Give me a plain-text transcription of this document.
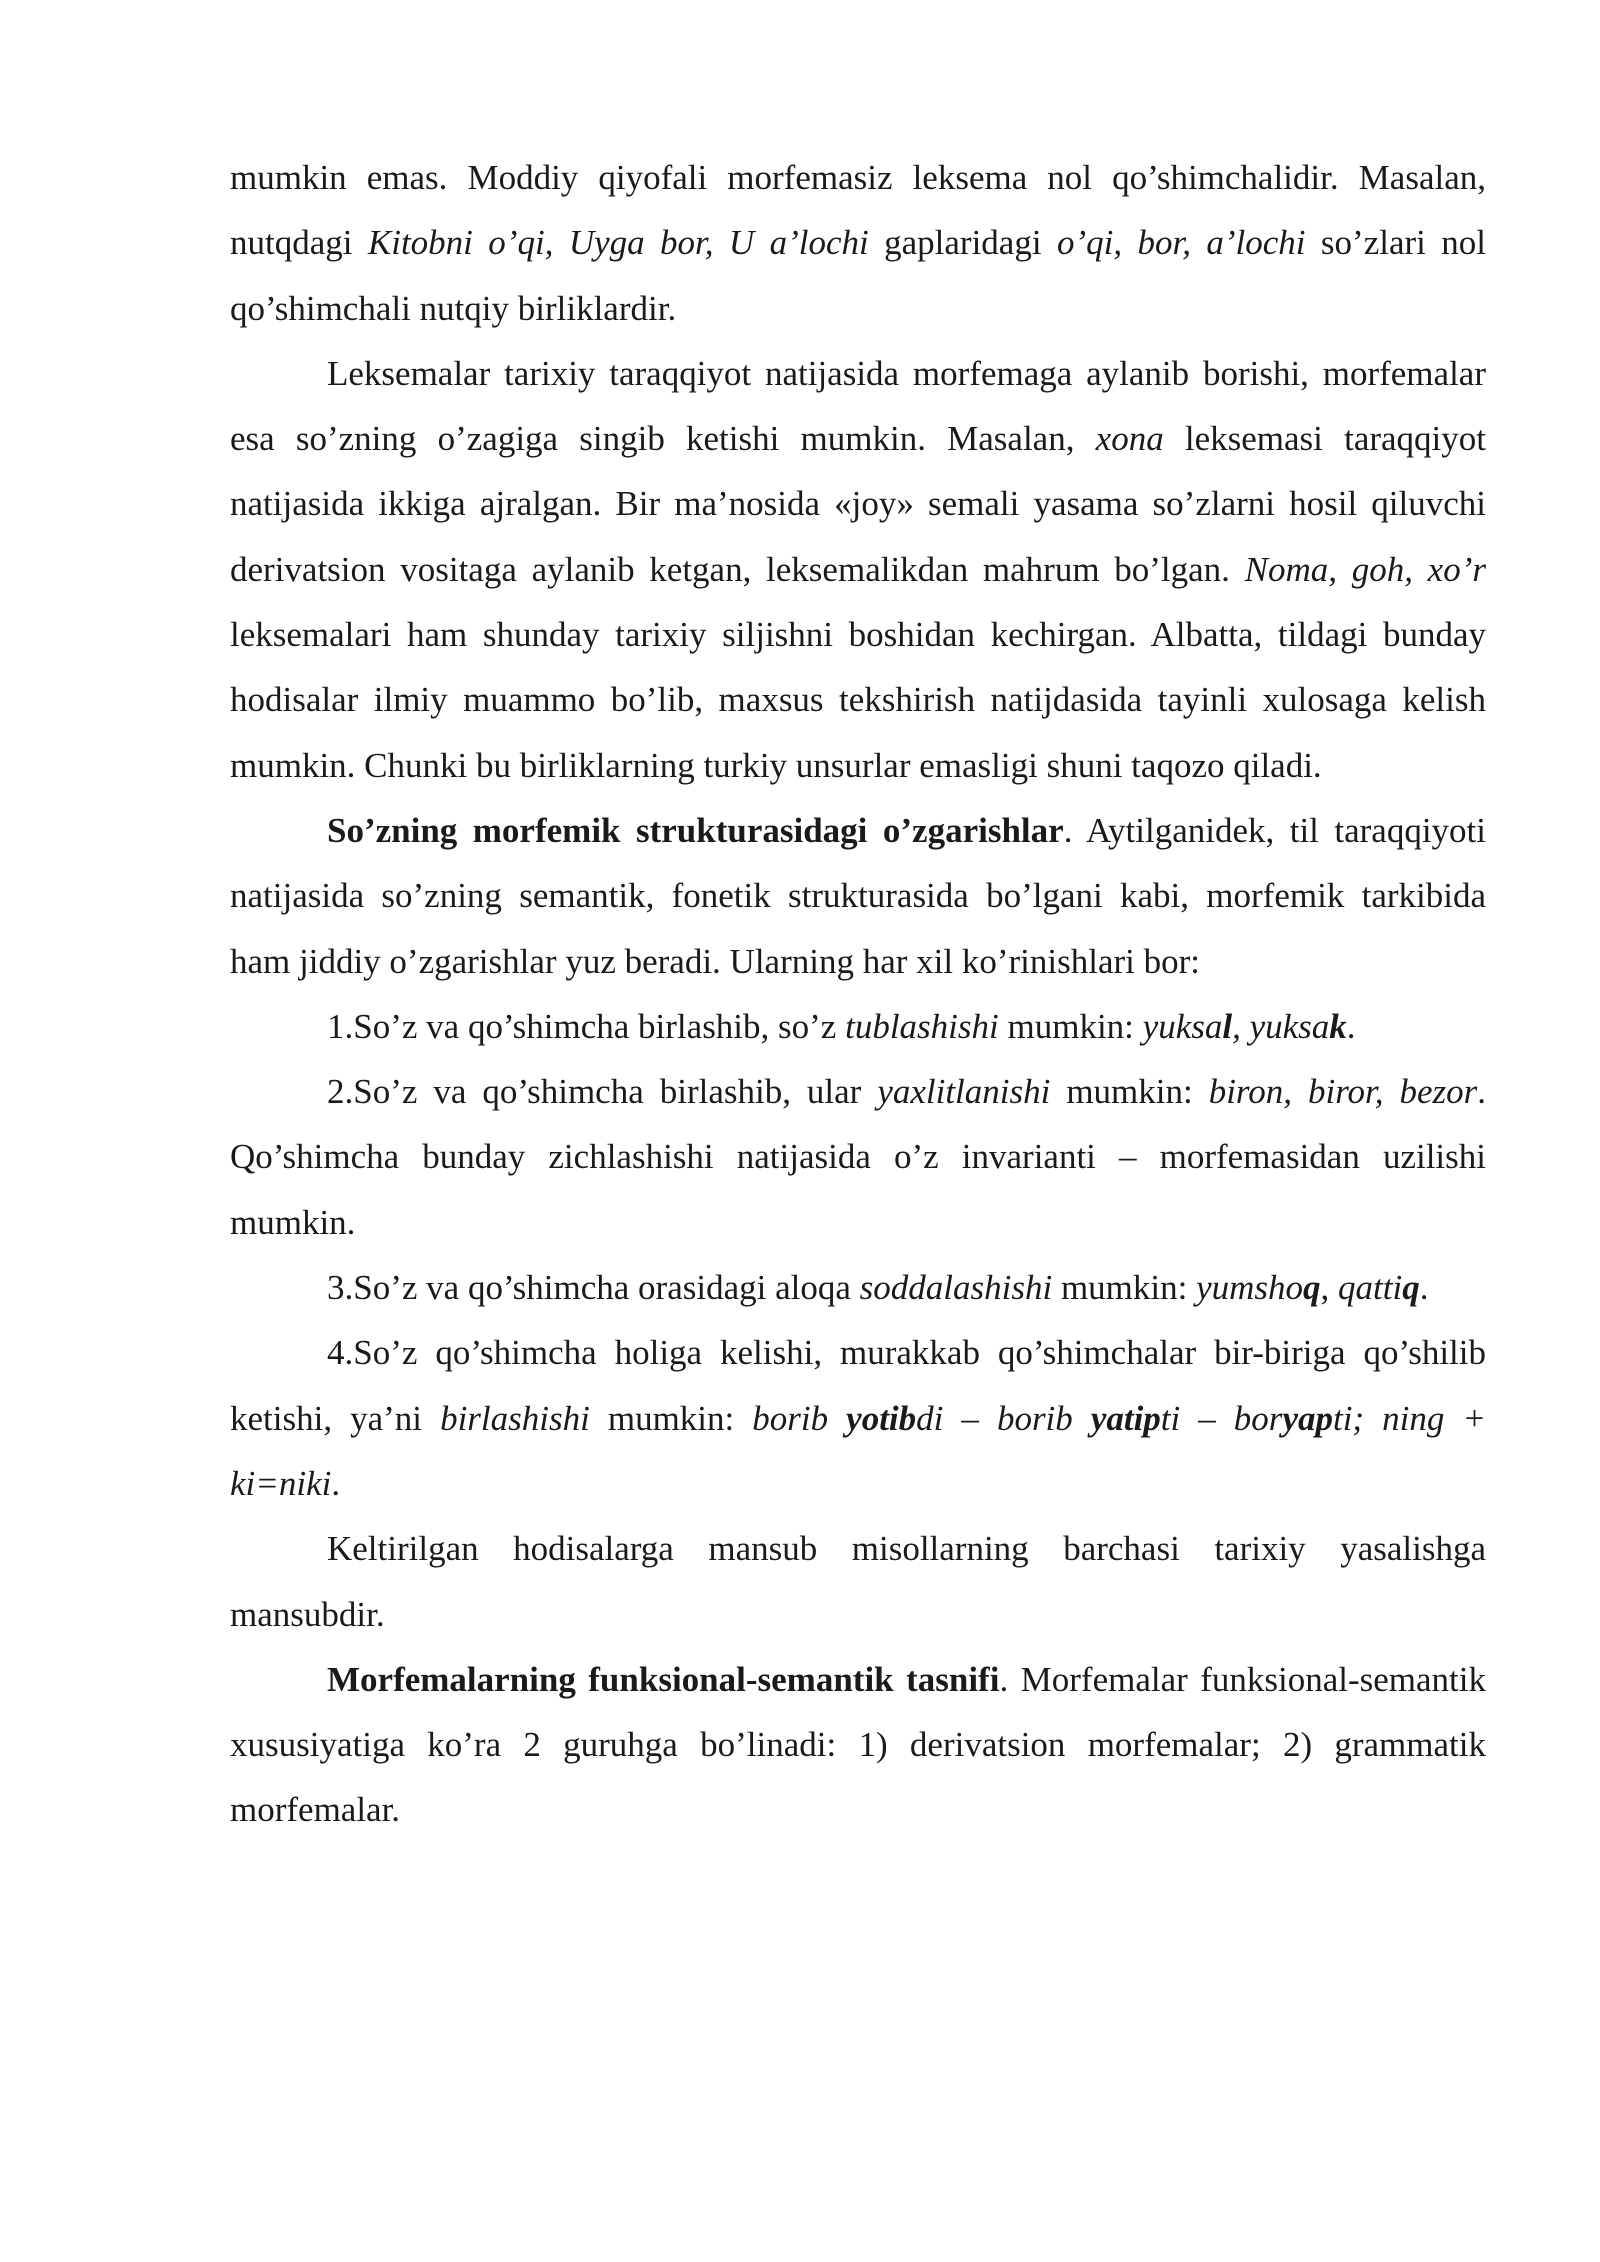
mumkin emas. Moddiy qiyofali morfemasiz leksema nol qo’shimchalidir. Masalan, nutqdagi Kitobni o’qi, Uyga bor, U a’lochi gaplaridagi o’qi, bor, a’lochi so’zlari nol qo’shimchali nutqiy birliklardir.

Leksemalar tarixiy taraqqiyot natijasida morfemaga aylanib borishi, morfemalar esa so’zning o’zagiga singib ketishi mumkin. Masalan, xona leksemasi taraqqiyot natijasida ikkiga ajralgan. Bir ma’nosida «joy» semali yasama so’zlarni hosil qiluvchi derivatsion vositaga aylanib ketgan, leksemalikdan mahrum bo’lgan. Noma, goh, xo’r leksemalari ham shunday tarixiy siljishni boshidan kechirgan. Albatta, tildagi bunday hodisalar ilmiy muammo bo’lib, maxsus tekshirish natijdasida tayinli xulosaga kelish mumkin. Chunki bu birliklarning turkiy unsurlar emasligi shuni taqozo qiladi.

So’zning morfemik strukturasidagi o’zgarishlar. Aytilganidek, til taraqqiyoti natijasida so’zning semantik, fonetik strukturasida bo’lgani kabi, morfemik tarkibida ham jiddiy o’zgarishlar yuz beradi. Ularning har xil ko’rinishlari bor:

1.So’z va qo’shimcha birlashib, so’z tublashishi mumkin: yuksal, yuksak.

2.So’z va qo’shimcha birlashib, ular yaxlitlanishi mumkin: biron, biror, bezor. Qo’shimcha bunday zichlashishi natijasida o’z invarianti – morfemasidan uzilishi mumkin.

3.So’z va qo’shimcha orasidagi aloqa soddalashishi mumkin: yumshoq, qattiq.

4.So’z qo’shimcha holiga kelishi, murakkab qo’shimchalar bir-biriga qo’shilib ketishi, ya’ni birlashishi mumkin: borib yotibdi – borib yatipti – boryapti; ning + ki=niki.

Keltirilgan hodisalarga mansub misollarning barchasi tarixiy yasalishga mansubdir.

Morfemalarning funksional-semantik tasnifi. Morfemalar funksional-semantik xususiyatiga ko’ra 2 guruhga bo’linadi: 1) derivatsion morfemalar; 2) grammatik morfemalar.
